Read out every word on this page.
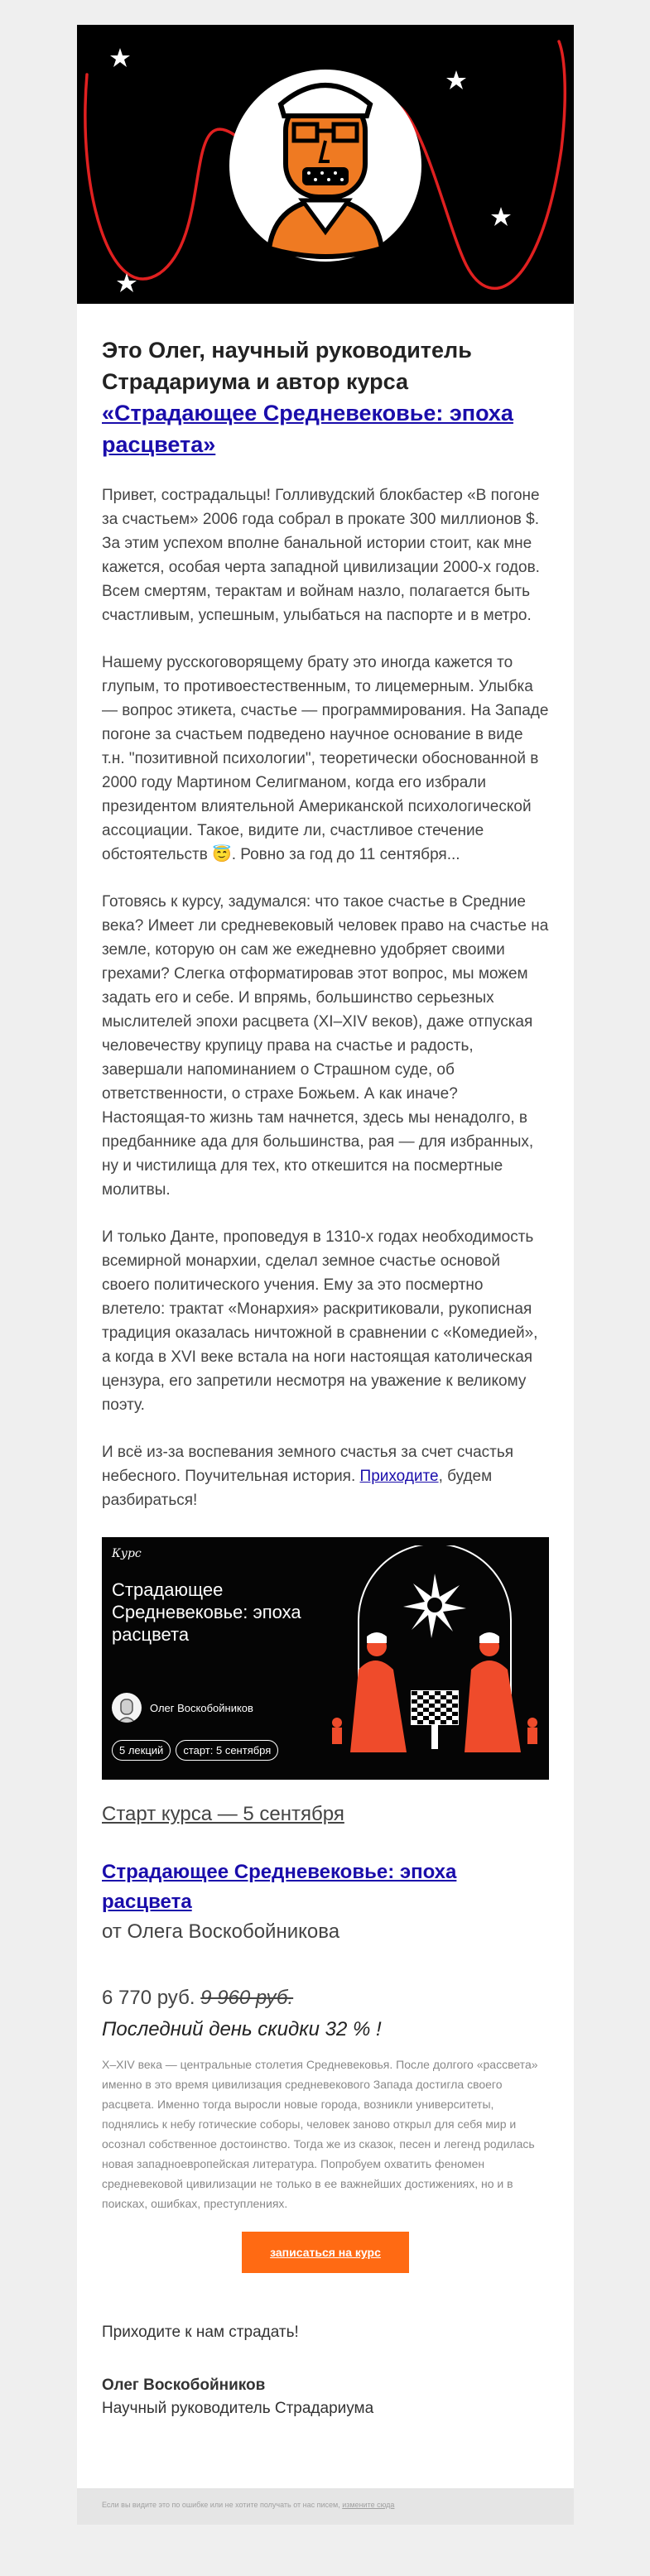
Это Олег, научный руководитель Страдариума и автор курса
«Страдающее Средневековье: эпоха расцвета»

Привет, сострадальцы! Голливудский блокбастер «В погоне за счастьем» 2006 года собрал в прокате 300 миллионов $. За этим успехом вполне банальной истории стоит, как мне кажется, особая черта западной цивилизации 2000-х годов. Всем смертям, терактам и войнам назло, полагается быть счастливым, успешным, улыбаться на паспорте и в метро.

Нашему русскоговорящему брату это иногда кажется то глупым, то противоестественным, то лицемерным. Улыбка — вопрос этикета, счастье — программирования. На Западе погоне за счастьем подведено научное основание в виде т.н. "позитивной психологии", теоретически обоснованной в 2000 году Мартином Селигманом, когда его избрали президентом влиятельной Американской психологической ассоциации. Такое, видите ли, счастливое стечение обстоятельств 😇. Ровно за год до 11 сентября...

Готовясь к курсу, задумался: что такое счастье в Средние века? Имеет ли средневековый человек право на счастье на земле, которую он сам же ежедневно удобряет своими грехами? Слегка отформатировав этот вопрос, мы можем задать его и себе. И впрямь, большинство серьезных мыслителей эпохи расцвета (XI–XIV веков), даже отпуская человечеству крупицу права на счастье и радость, завершали напоминанием о Страшном суде, об ответственности, о страхе Божьем. А как иначе? Настоящая-то жизнь там начнется, здесь мы ненадолго, в предбаннике ада для большинства, рая — для избранных, ну и чистилища для тех, кто откешится на посмертные молитвы.

И только Данте, проповедуя в 1310-х годах необходимость всемирной монархии, сделал земное счастье основой своего политического учения. Ему за это посмертно влетело: трактат «Монархия» раскритиковали, рукописная традиция оказалась ничтожной в сравнении с «Комедией», а когда в XVI веке встала на ноги настоящая католическая цензура, его запретили несмотря на уважение к великому поэту.

И всё из-за воспевания земного счастья за счет счастья небесного. Поучительная история. Приходите, будем разбираться!

Курс
Страдающее Средневековье: эпоха расцвета
Олег Воскобойников
5 лекций	старт: 5 сентября
Старт курса — 5 сентября
Страдающее Средневековье: эпоха расцвета
от Олега Воскобойникова
6 770 руб. 9 960 руб.
Последний день скидки 32 % !

X–XIV века — центральные столетия Средневековья. После долгого «рассвета» именно в это время цивилизация средневекового Запада достигла своего расцвета. Именно тогда выросли новые города, возникли университеты, поднялись к небу готические соборы, человек заново открыл для себя мир и осознал собственное достоинство. Тогда же из сказок, песен и легенд родилась новая западноевропейская литература. Попробуем охватить феномен средневековой цивилизации не только в ее важнейших достижениях, но и в поисках, ошибках, преступлениях.

записаться на курс

Приходите к нам страдать!

Олег Воскобойников

Научный руководитель Страдариума

Если вы видите это по ошибке или не хотите получать от нас писем, измените сюда
